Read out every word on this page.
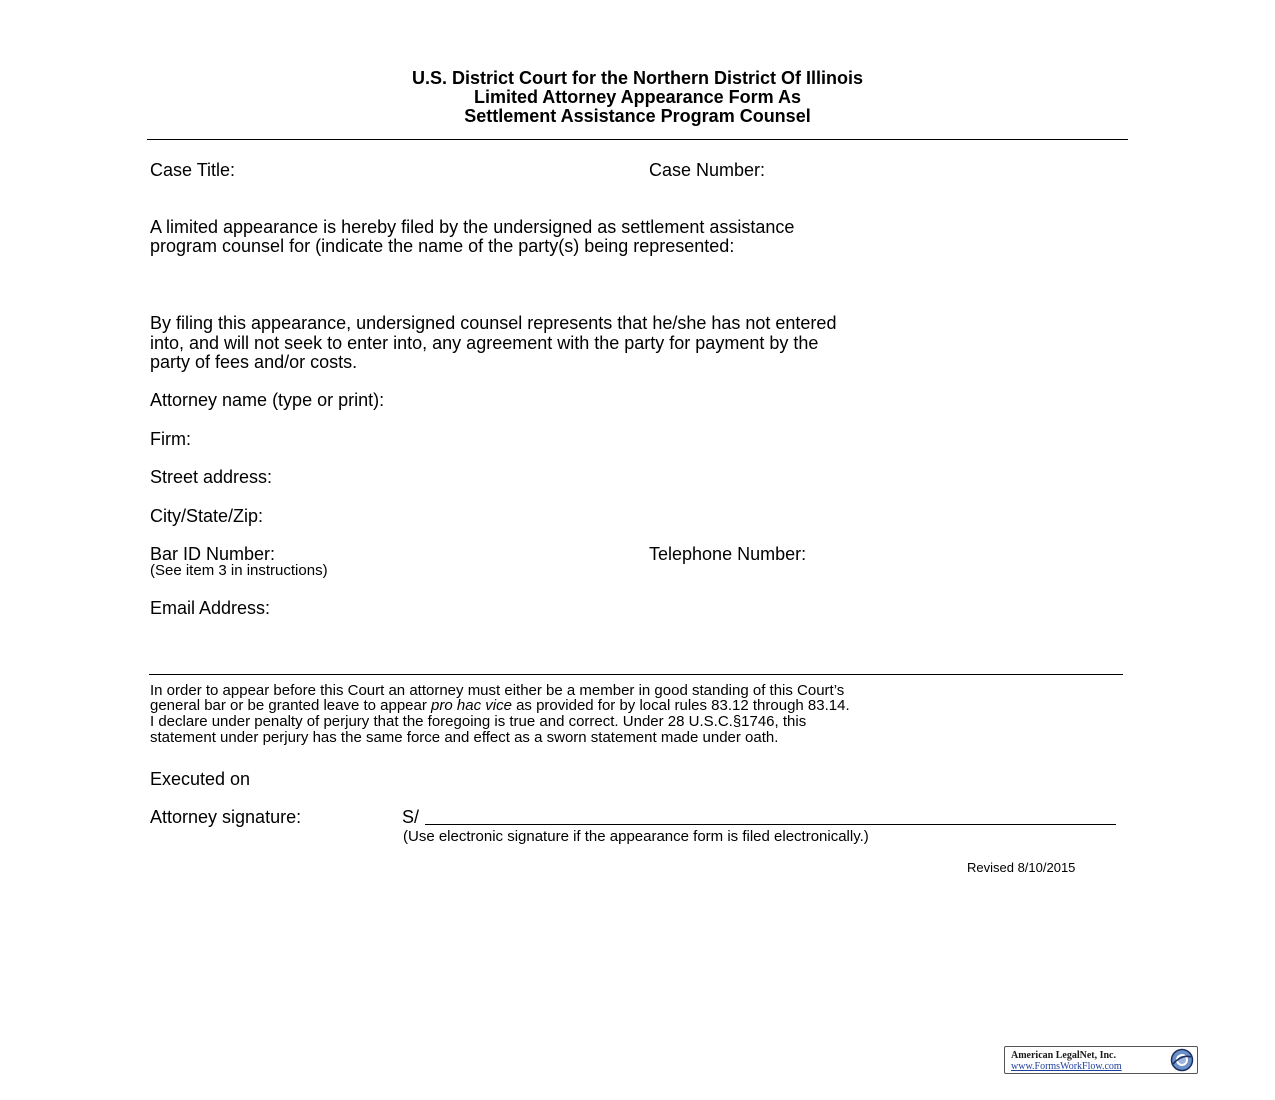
U.S. District Court for the Northern District Of Illinois
Limited Attorney Appearance Form As
Settlement Assistance Program Counsel
Case Title:	Case Number:
A limited appearance is hereby filed by the undersigned as settlement assistance
program counsel for (indicate the name of the party(s) being represented:
By filing this appearance, undersigned counsel represents that he/she has not entered
into, and will not seek to enter into, any agreement with the party for payment by the
party of fees and/or costs.
Attorney name (type or print):
Firm:
Street address:
City/State/Zip:
Bar ID Number:
(See item 3 in instructions)
Telephone Number:
Email Address:
In order to appear before this Court an attorney must either be a member in good standing of this Court’s
general bar or be granted leave to appear pro hac vice as provided for by local rules 83.12 through 83.14.
I declare under penalty of perjury that the foregoing is true and correct. Under 28 U.S.C.§1746, this
statement under perjury has the same force and effect as a sworn statement made under oath.
Executed on
Attorney signature:	S/
(Use electronic signature if the appearance form is filed electronically.)
Revised 8/10/2015
American LegalNet, Inc.
www.FormsWorkFlow.com
